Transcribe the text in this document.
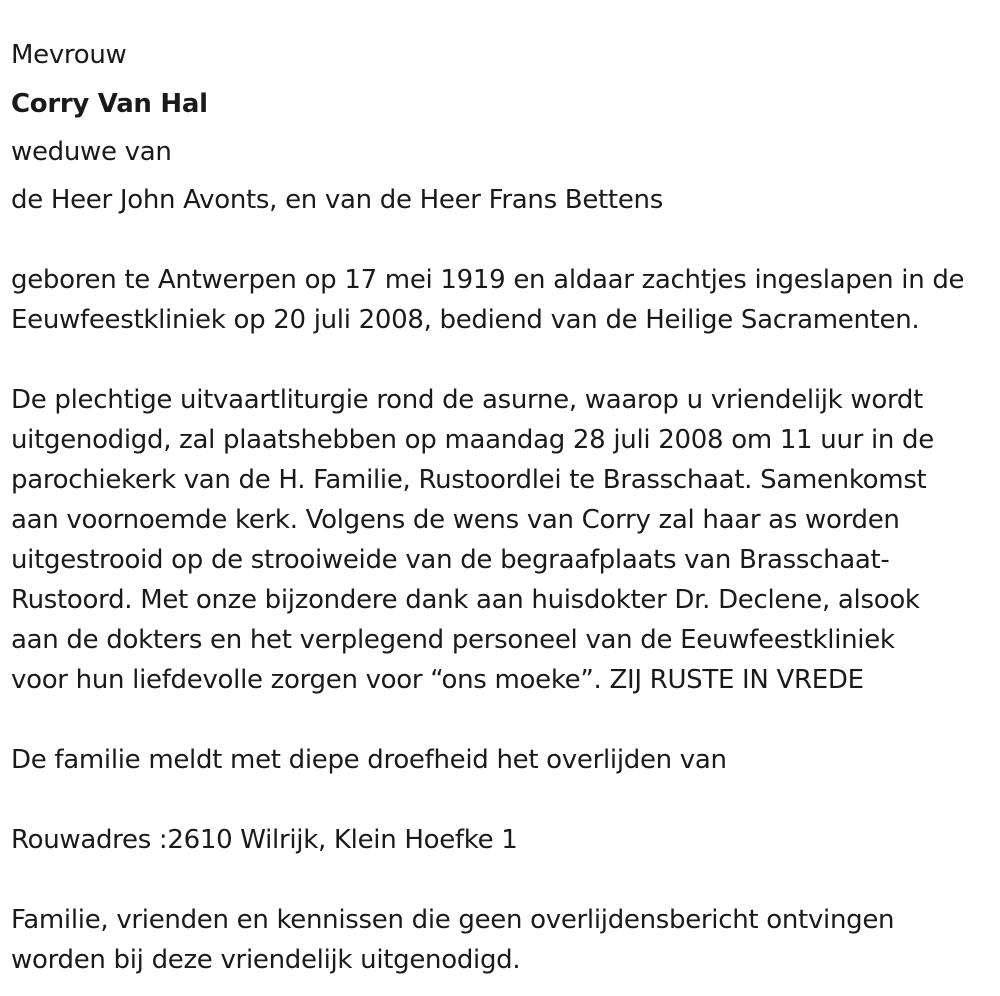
Mevrouw
Corry Van Hal
weduwe van
de Heer John Avonts, en van de Heer Frans Bettens
geboren te Antwerpen op 17 mei 1919 en aldaar zachtjes ingeslapen in de
Eeuwfeestkliniek op 20 juli 2008, bediend van de Heilige Sacramenten.
De plechtige uitvaartliturgie rond de asurne, waarop u vriendelijk wordt
uitgenodigd, zal plaatshebben op maandag 28 juli 2008 om 11 uur in de
parochiekerk van de H. Familie, Rustoordlei te Brasschaat. Samenkomst
aan voornoemde kerk. Volgens de wens van Corry zal haar as worden
uitgestrooid op de strooiweide van de begraafplaats van Brasschaat-
Rustoord. Met onze bijzondere dank aan huisdokter Dr. Declene, alsook
aan de dokters en het verplegend personeel van de Eeuwfeestkliniek
voor hun liefdevolle zorgen voor “ons moeke”. ZIJ RUSTE IN VREDE
De familie meldt met diepe droefheid het overlijden van
Rouwadres :2610 Wilrijk, Klein Hoefke 1
Familie, vrienden en kennissen die geen overlijdensbericht ontvingen
worden bij deze vriendelijk uitgenodigd.
